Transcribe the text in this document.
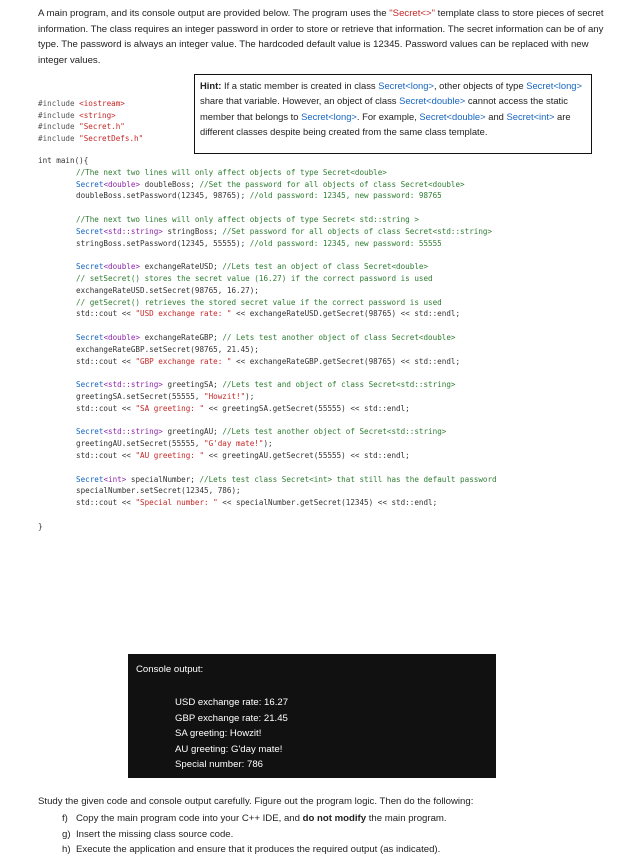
A main program, and its console output are provided below. The program uses the "Secret<>" template class to store pieces of secret information. The class requires an integer password in order to store or retrieve that information. The secret information can be of any type. The password is always an integer value. The hardcoded default value is 12345. Password values can be replaced with new integer values.
Hint: If a static member is created in class Secret<long>, other objects of type Secret<long> share that variable. However, an object of class Secret<double> cannot access the static member that belongs to Secret<long>. For example, Secret<double> and Secret<int> are different classes despite being created from the same class template.
#include <iostream>
#include <string>
#include "Secret.h"
#include "SecretDefs.h"
int main(){
//The next two lines will only affect objects of type Secret<double>
Secret<double> doubleBoss; //Set the password for all objects of class Secret<double>
doubleBoss.setPassword(12345, 98765); //old password: 12345, new password: 98765
//The next two lines will only affect objects of type Secret< std::string >
Secret<std::string> stringBoss; //Set password for all objects of class Secret<std::string>
stringBoss.setPassword(12345, 55555); //old password: 12345, new password: 55555
Secret<double> exchangeRateUSD; //Lets test an object of class Secret<double>
// setSecret() stores the secret value (16.27) if the correct password is used
exchangeRateUSD.setSecret(98765, 16.27);
// getSecret() retrieves the stored secret value if the correct password is used
std::cout << "USD exchange rate: " << exchangeRateUSD.getSecret(98765) << std::endl;
Secret<double> exchangeRateGBP; // Lets test another object of class Secret<double>
exchangeRateGBP.setSecret(98765, 21.45);
std::cout << "GBP exchange rate: " << exchangeRateGBP.getSecret(98765) << std::endl;
Secret<std::string> greetingSA; //Lets test and object of class Secret<std::string>
greetingSA.setSecret(55555, "Howzit!");
std::cout << "SA greeting: " << greetingSA.getSecret(55555) << std::endl;
Secret<std::string> greetingAU; //Lets test another object of Secret<std::string>
greetingAU.setSecret(55555, "G'day mate!");
std::cout << "AU greeting: " << greetingAU.getSecret(55555) << std::endl;
Secret<int> specialNumber; //Lets test class Secret<int> that still has the default password
specialNumber.setSecret(12345, 786);
std::cout << "Special number: " << specialNumber.getSecret(12345) << std::endl;
}
Console output:
USD exchange rate: 16.27
GBP exchange rate: 21.45
SA greeting: Howzit!
AU greeting: G'day mate!
Special number: 786
Study the given code and console output carefully. Figure out the program logic. Then do the following:
f) Copy the main program code into your C++ IDE, and do not modify the main program.
g) Insert the missing class source code.
h) Execute the application and ensure that it produces the required output (as indicated).
